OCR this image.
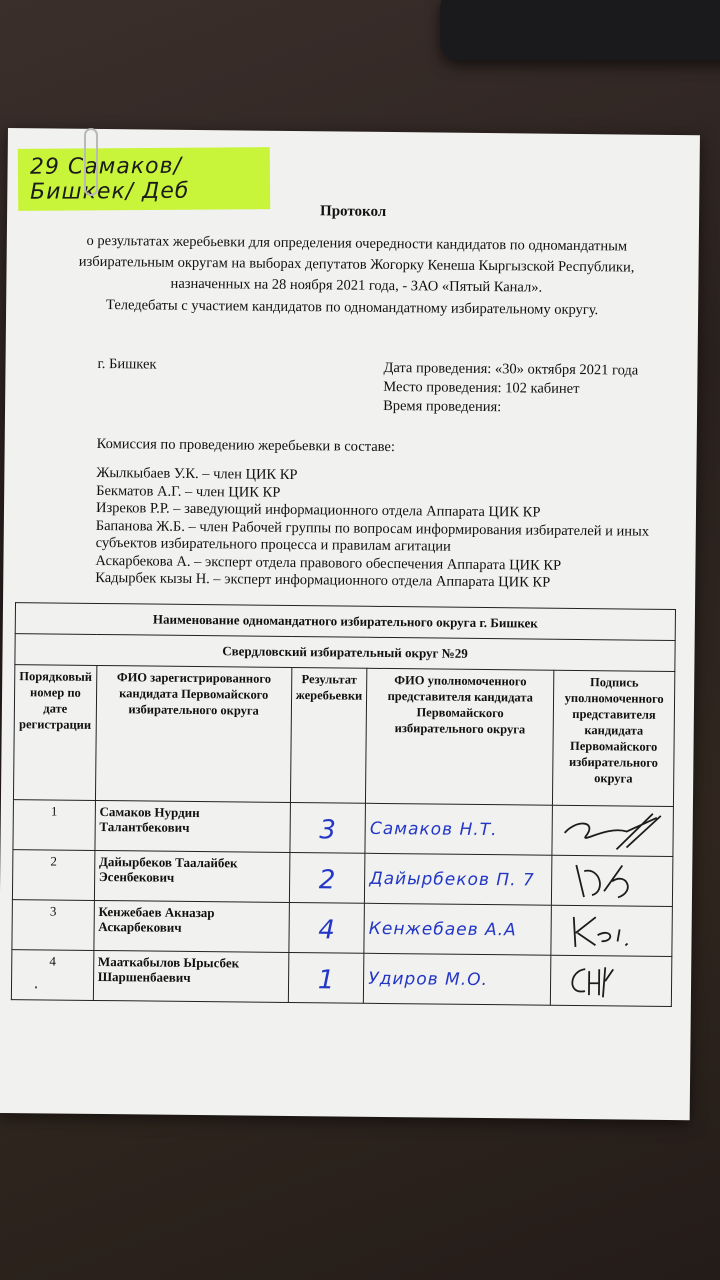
Протокол
о результатах жеребьевки для определения очередности кандидатов по одномандатным
избирательным округам на выборах депутатов Жогорку Кенеша Кыргызской Республики,
назначенных на 28 ноября 2021 года, - ЗАО «Пятый Канал».
Теледебаты с участием кандидатов по одномандатному избирательному округу.
г. Бишкек	Дата проведения: «30» октября 2021 года
Место проведения: 102 кабинет
Время проведения:
Комиссия по проведению жеребьевки в составе:
Жылкыбаев У.К. – член ЦИК КР
Бекматов А.Г. – член ЦИК КР
Изреков Р.Р. – заведующий информационного отдела Аппарата ЦИК КР
Бапанова Ж.Б. – член Рабочей группы по вопросам информирования избирателей и иных
субъектов избирательного процесса и правилам агитации
Аскарбекова А. – эксперт отдела правового обеспечения Аппарата ЦИК КР
Кадырбек кызы Н. – эксперт информационного отдела Аппарата ЦИК КР
Наименование одномандатного избирательного округа г. Бишкек				
Свердловский избирательный округ №29				
Порядковый номер по дате регистрации	ФИО зарегистрированного кандидата Первомайского избирательного округа	Результат жеребьевки	ФИО уполномоченного представителя кандидата Первомайского избирательного округа	Подпись уполномоченного представителя кандидата Первомайского избирательного округа
1	Самаков Нурдин Талантбекович	3	Самаков Н.Т.	

2	Дайырбеков Таалайбек Эсенбекович	2	Дайырбеков П. 7	

3	Кенжебаев Акназар Аскарбекович	4	Кенжебаев А.А	

4	Мааткабылов Ырысбек Шаршенбаевич	1	Удиров М.О.	
29 Самаков/ Бишкек/ Деб
